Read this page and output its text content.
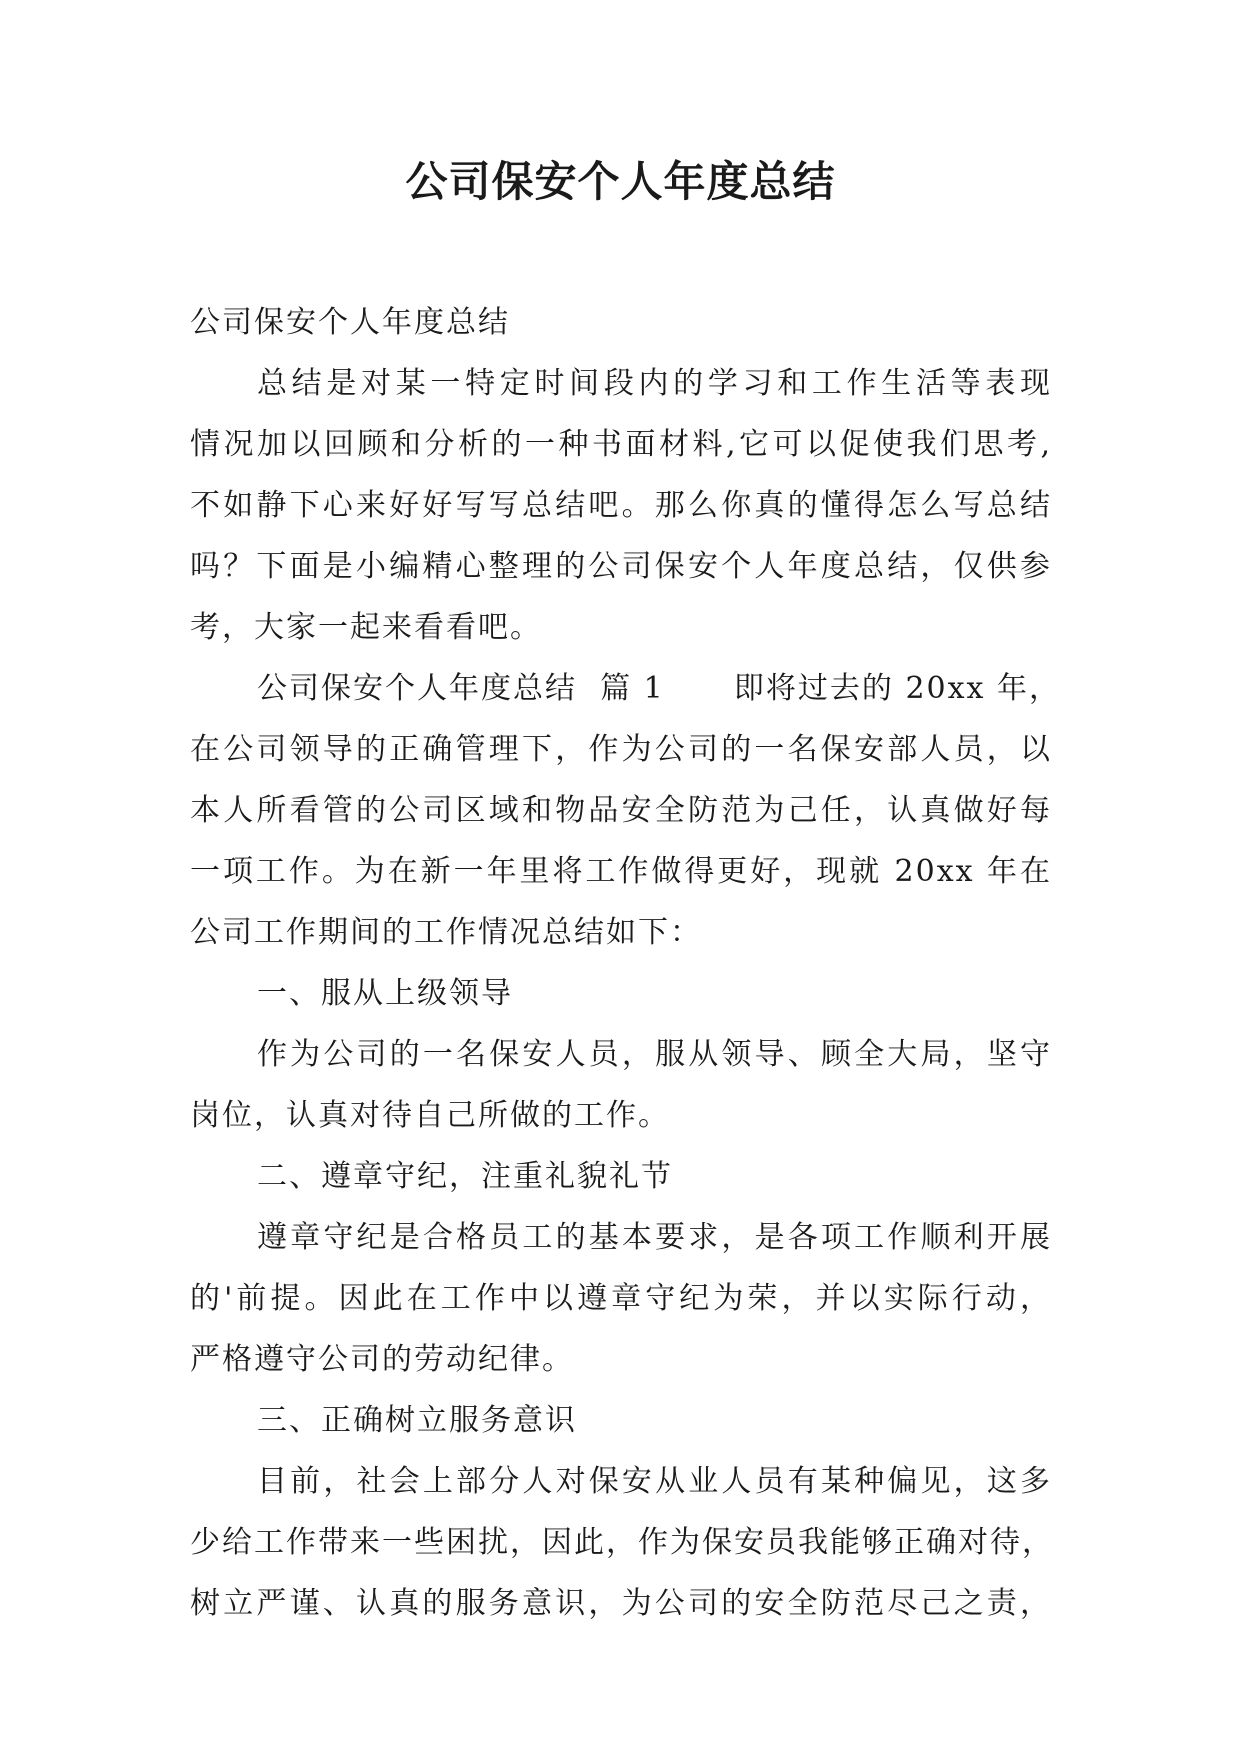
公司保安个人年度总结
公司保安个人年度总结
总结是对某一特定时间段内的学习和工作生活等表现
情况加以回顾和分析的一种书面材料,它可以促使我们思考,
不如静下心来好好写写总结吧。那么你真的懂得怎么写总结
吗？下面是小编精心整理的公司保安个人年度总结，仅供参
考，大家一起来看看吧。
公司保安个人年度总结  篇 1      即将过去的 20xx 年，
在公司领导的正确管理下，作为公司的一名保安部人员，以
本人所看管的公司区域和物品安全防范为己任，认真做好每
一项工作。为在新一年里将工作做得更好，现就 20xx 年在
公司工作期间的工作情况总结如下：
一、服从上级领导
作为公司的一名保安人员，服从领导、顾全大局，坚守
岗位，认真对待自己所做的工作。
二、遵章守纪，注重礼貌礼节
遵章守纪是合格员工的基本要求，是各项工作顺利开展
的'前提。因此在工作中以遵章守纪为荣，并以实际行动，
严格遵守公司的劳动纪律。
三、正确树立服务意识
目前，社会上部分人对保安从业人员有某种偏见，这多
少给工作带来一些困扰，因此，作为保安员我能够正确对待，
树立严谨、认真的服务意识，为公司的安全防范尽己之责，
